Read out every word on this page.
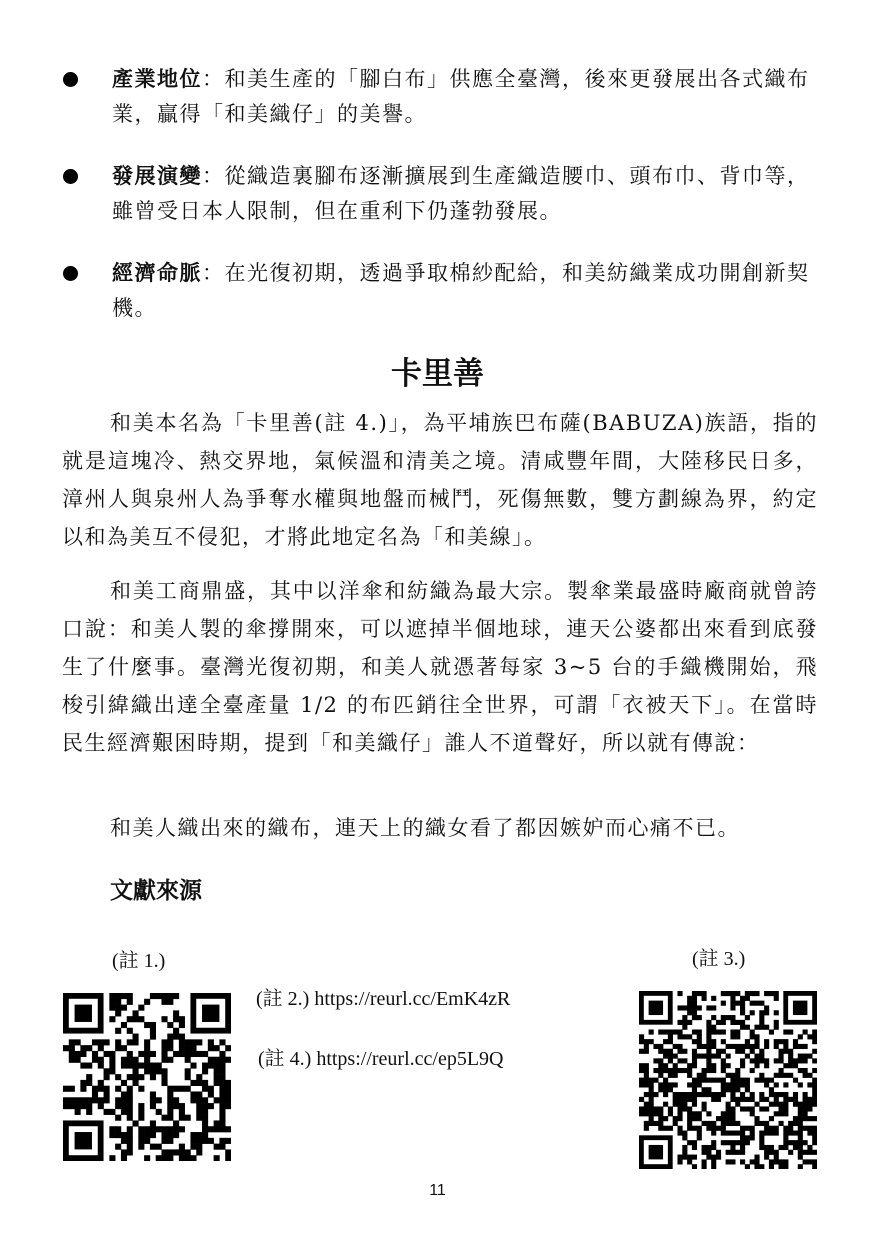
產業地位：和美生產的「腳白布」供應全臺灣，後來更發展出各式織布業，贏得「和美織仔」的美譽。
發展演變：從織造裏腳布逐漸擴展到生產織造腰巾、頭布巾、背巾等，雖曾受日本人限制，但在重利下仍蓬勃發展。
經濟命脈：在光復初期，透過爭取棉紗配給，和美紡織業成功開創新契機。
卡里善
和美本名為「卡里善(註 4.)」，為平埔族巴布薩(BABUZA)族語，指的就是這塊冷、熱交界地，氣候溫和清美之境。清咸豐年間，大陸移民日多，漳州人與泉州人為爭奪水權與地盤而械鬥，死傷無數，雙方劃線為界，約定以和為美互不侵犯，才將此地定名為「和美線」。
和美工商鼎盛，其中以洋傘和紡織為最大宗。製傘業最盛時廠商就曾誇口說：和美人製的傘撐開來，可以遮掉半個地球，連天公婆都出來看到底發生了什麼事。臺灣光復初期，和美人就憑著每家 3~5 台的手織機開始，飛梭引緯織出達全臺產量 1/2 的布匹銷往全世界，可謂「衣被天下」。在當時民生經濟艱困時期，提到「和美織仔」誰人不道聲好，所以就有傳說：
和美人織出來的織布，連天上的織女看了都因嫉妒而心痛不已。
文獻來源
(註 1.)	(註 3.)
(註 2.) https://reurl.cc/EmK4zR
(註 4.) https://reurl.cc/ep5L9Q
11
